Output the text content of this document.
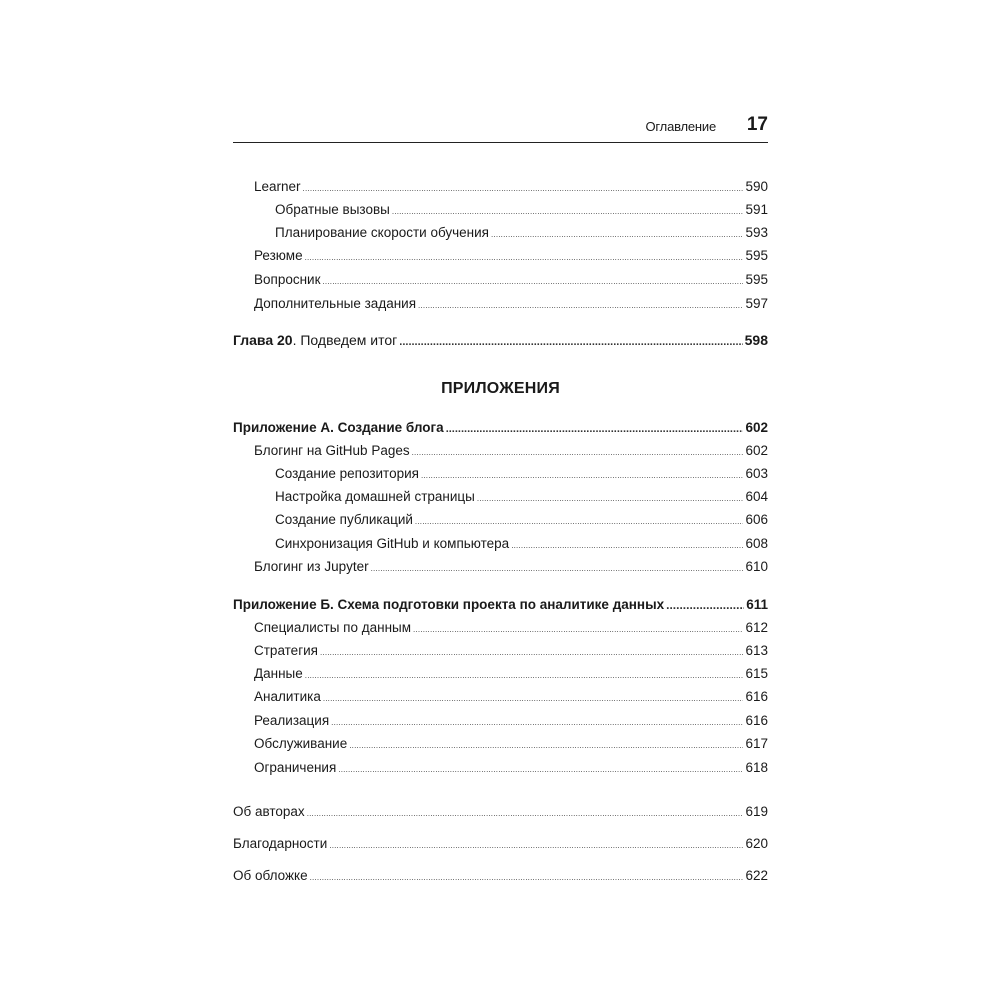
Оглавление 17
Learner .....	590
Обратные вызовы .....	591
Планирование скорости обучения .....	593
Резюме .....	595
Вопросник .....	595
Дополнительные задания .....	597
Глава 20. Подведем итог .....	598
ПРИЛОЖЕНИЯ
Приложение А. Создание блога .....	602
Блогинг на GitHub Pages .....	602
Создание репозитория .....	603
Настройка домашней страницы .....	604
Создание публикаций .....	606
Синхронизация GitHub и компьютера .....	608
Блогинг из Jupyter .....	610
Приложение Б. Схема подготовки проекта по аналитике данных .....	611
Специалисты по данным .....	612
Стратегия .....	613
Данные .....	615
Аналитика .....	616
Реализация .....	616
Обслуживание .....	617
Ограничения .....	618
Об авторах .....	619
Благодарности .....	620
Об обложке .....	622
